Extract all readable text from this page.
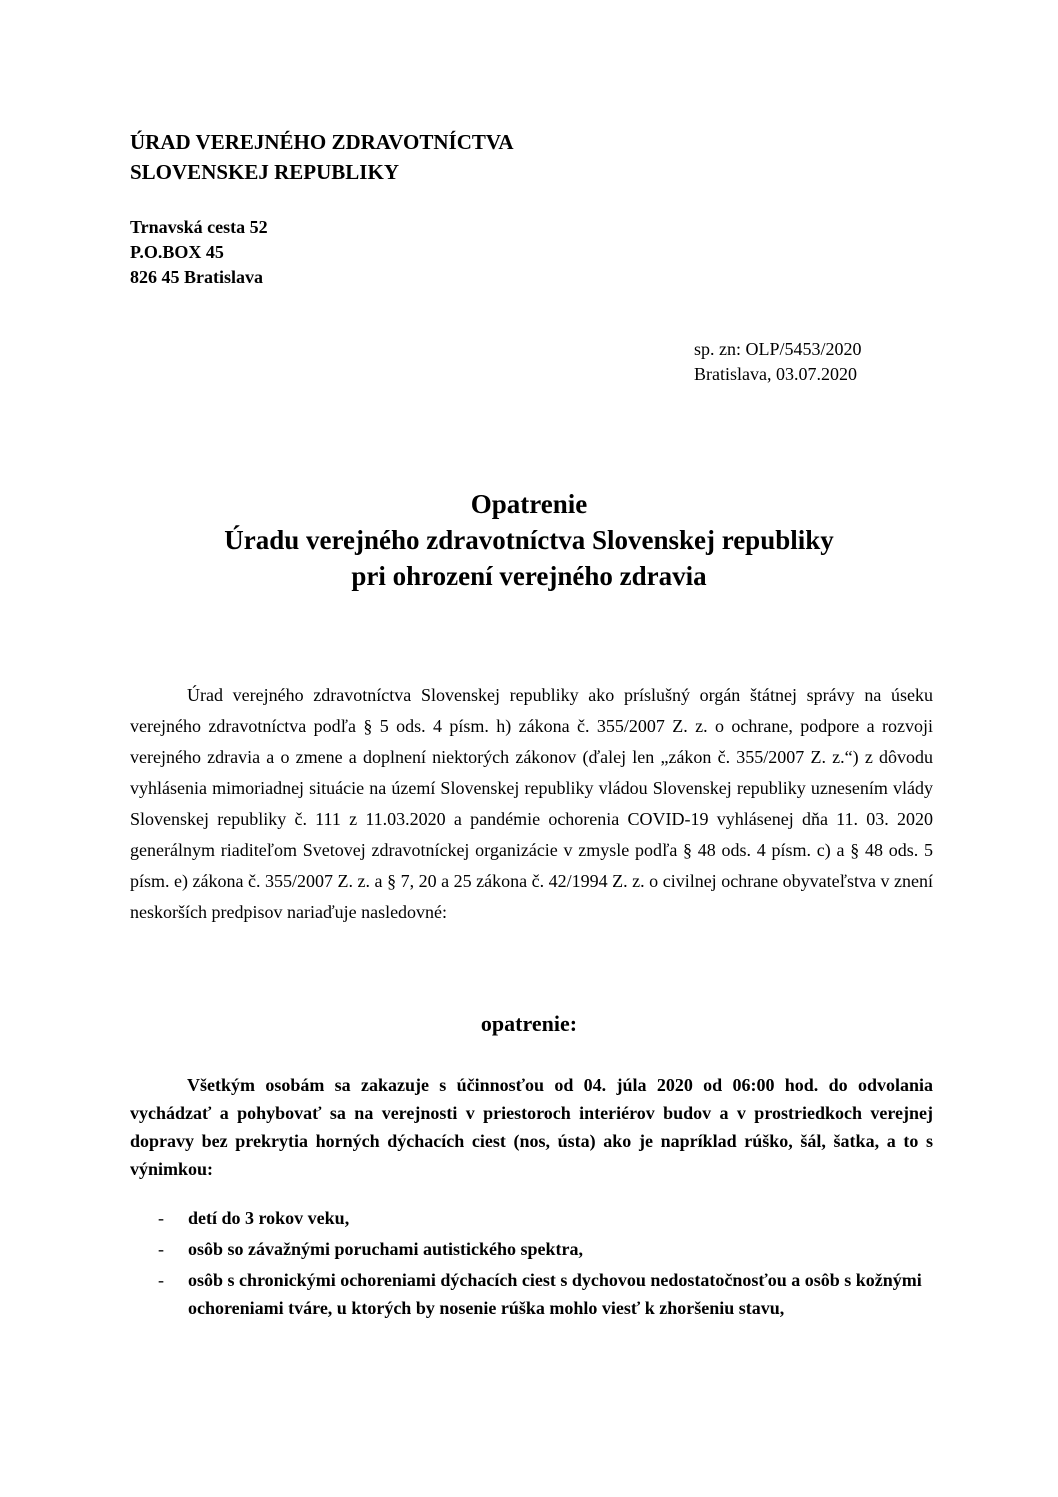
ÚRAD VEREJNÉHO ZDRAVOTNÍCTVA
SLOVENSKEJ REPUBLIKY
Trnavská cesta 52
P.O.BOX 45
826 45 Bratislava
sp. zn: OLP/5453/2020
Bratislava, 03.07.2020
Opatrenie
Úradu verejného zdravotníctva Slovenskej republiky
pri ohrození verejného zdravia

Úrad verejného zdravotníctva Slovenskej republiky ako príslušný orgán štátnej správy na úseku verejného zdravotníctva podľa § 5 ods. 4 písm. h) zákona č. 355/2007 Z. z. o ochrane, podpore a rozvoji verejného zdravia a o zmene a doplnení niektorých zákonov (ďalej len „zákon č. 355/2007 Z. z.“) z dôvodu vyhlásenia mimoriadnej situácie na území Slovenskej republiky vládou Slovenskej republiky uznesením vlády Slovenskej republiky č. 111 z 11.03.2020 a pandémie ochorenia COVID-19 vyhlásenej dňa 11. 03. 2020 generálnym riaditeľom Svetovej zdravotníckej organizácie v zmysle podľa § 48 ods. 4 písm. c) a § 48 ods. 5 písm. e) zákona č. 355/2007 Z. z. a § 7, 20 a 25 zákona č. 42/1994 Z. z. o civilnej ochrane obyvateľstva v znení neskorších predpisov nariaďuje nasledovné:

opatrenie:

Všetkým osobám sa zakazuje s účinnosťou od 04. júla 2020 od 06:00 hod. do odvolania vychádzať a pohybovať sa na verejnosti v priestoroch interiérov budov a v prostriedkoch verejnej dopravy bez prekrytia horných dýchacích ciest (nos, ústa) ako je napríklad rúško, šál, šatka, a to s výnimkou:

- detí do 3 rokov veku,
- osôb so závažnými poruchami autistického spektra,
- osôb s chronickými ochoreniami dýchacích ciest s dychovou nedostatočnosťou a osôb s kožnými ochoreniami tváre, u ktorých by nosenie rúška mohlo viesť k zhoršeniu stavu,
